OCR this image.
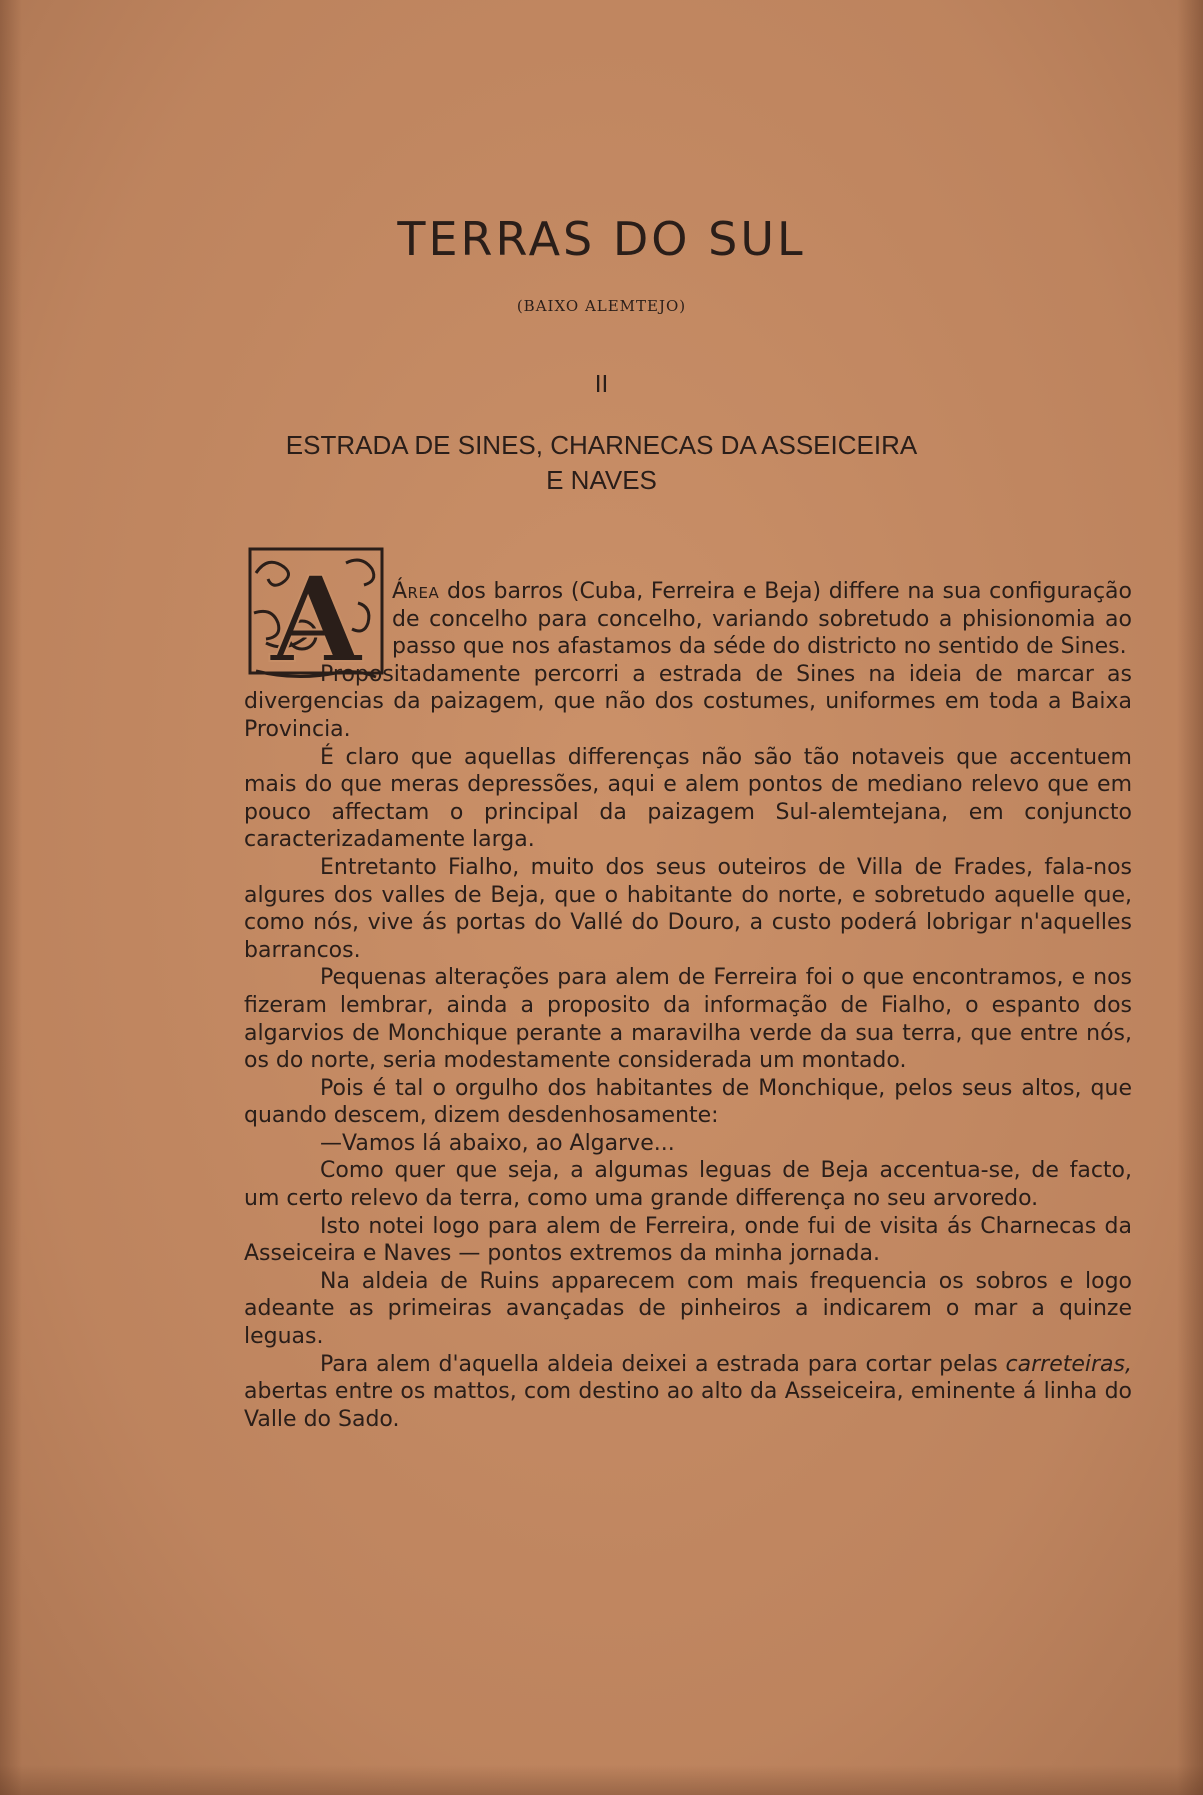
TERRAS DO SUL
(BAIXO ALEMTEJO)
II
ESTRADA DE SINES, CHARNECAS DA ASSEICEIRA
E NAVES
A	Área dos barros (Cuba, Ferreira e Beja) differe na sua configuração de concelho para concelho, variando sobretudo a phisionomia ao passo que nos afastamos da séde do districto no sentido de Sines.

Propositadamente percorri a estrada de Sines na ideia de marcar as divergencias da paizagem, que não dos costumes, uniformes em toda a Baixa Provincia.

É claro que aquellas differenças não são tão notaveis que accentuem mais do que meras depressões, aqui e alem pontos de mediano relevo que em pouco affectam o principal da paizagem Sul-alemtejana, em conjuncto caracterizadamente larga.

Entretanto Fialho, muito dos seus outeiros de Villa de Frades, fala-nos algures dos valles de Beja, que o habitante do norte, e sobretudo aquelle que, como nós, vive ás portas do Vallé do Douro, a custo poderá lobrigar n'aquelles barrancos.

Pequenas alterações para alem de Ferreira foi o que encontramos, e nos fizeram lembrar, ainda a proposito da informação de Fialho, o espanto dos algarvios de Monchique perante a maravilha verde da sua terra, que entre nós, os do norte, seria modestamente considerada um montado.

Pois é tal o orgulho dos habitantes de Monchique, pelos seus altos, que quando descem, dizem desdenhosamente:

—Vamos lá abaixo, ao Algarve...

Como quer que seja, a algumas leguas de Beja accentua-se, de facto, um certo relevo da terra, como uma grande differença no seu arvoredo.

Isto notei logo para alem de Ferreira, onde fui de visita ás Charnecas da Asseiceira e Naves — pontos extremos da minha jornada.

Na aldeia de Ruins apparecem com mais frequencia os sobros e logo adeante as primeiras avançadas de pinheiros a indicarem o mar a quinze leguas.

Para alem d'aquella aldeia deixei a estrada para cortar pelas carreteiras, abertas entre os mattos, com destino ao alto da Asseiceira, eminente á linha do Valle do Sado.
